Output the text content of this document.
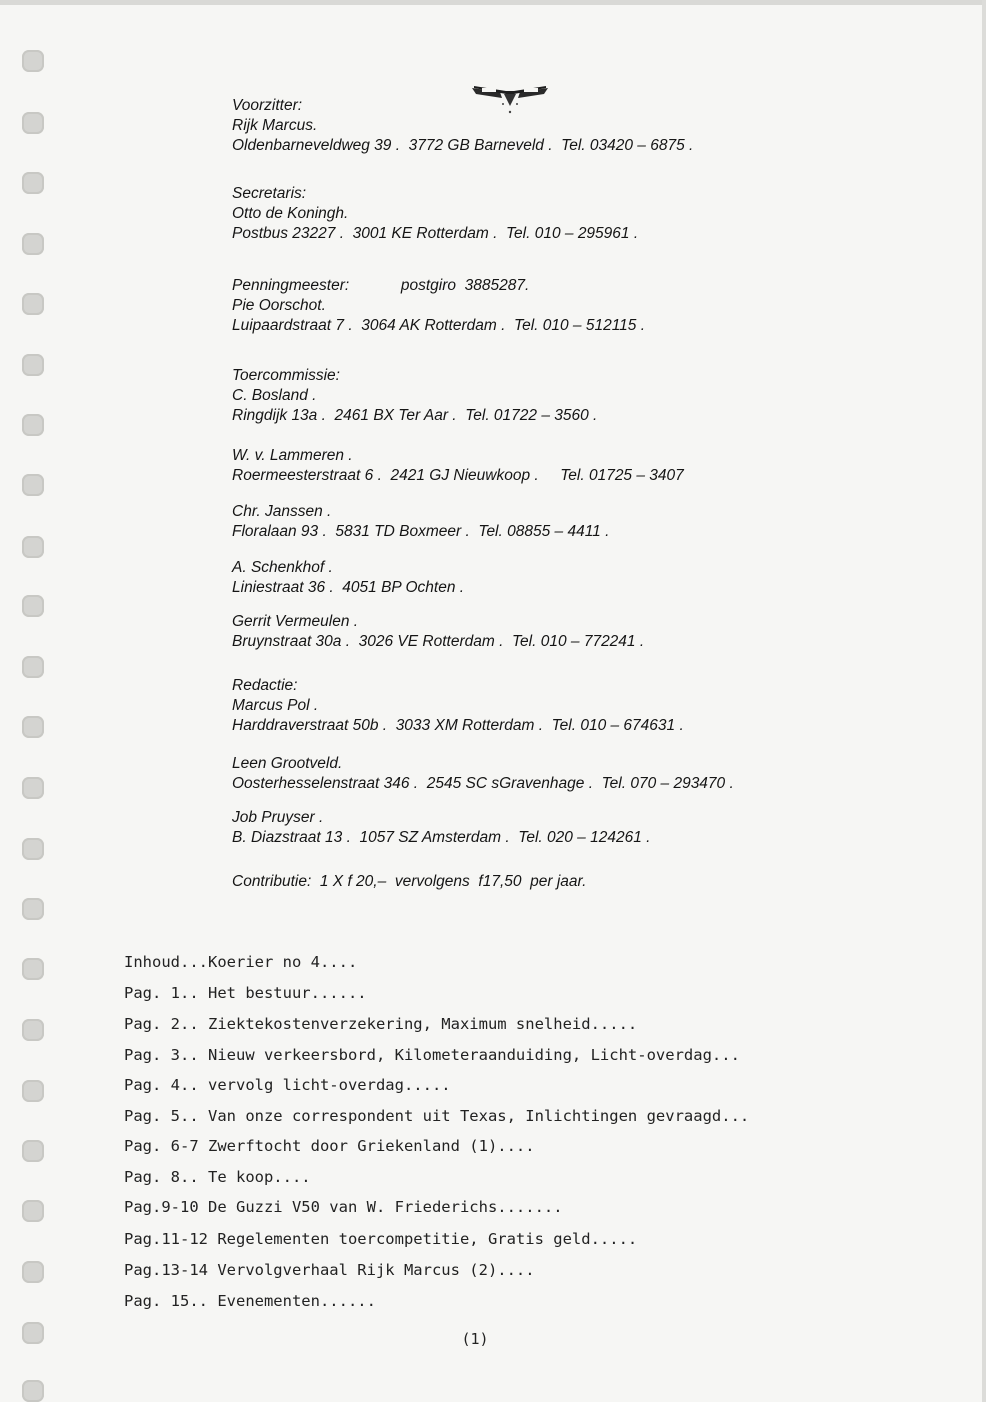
Voorzitter:
Rijk Marcus.
Oldenbarneveldweg 39 .  3772 GB Barneveld .  Tel. 03420 – 6875 .
Secretaris:
Otto de Koningh.
Postbus 23227 .  3001 KE Rotterdam .  Tel. 010 – 295961 .
Penningmeester:            postgiro  3885287.
Pie Oorschot.
Luipaardstraat 7 .  3064 AK Rotterdam .  Tel. 010 – 512115 .
Toercommissie:
C. Bosland .
Ringdijk 13a .  2461 BX Ter Aar .  Tel. 01722 – 3560 .
W. v. Lammeren .
Roermeesterstraat 6 .  2421 GJ Nieuwkoop .     Tel. 01725 – 3407
Chr. Janssen .
Floralaan 93 .  5831 TD Boxmeer .  Tel. 08855 – 4411 .
A. Schenkhof .
Liniestraat 36 .  4051 BP Ochten .
Gerrit Vermeulen .
Bruynstraat 30a .  3026 VE Rotterdam .  Tel. 010 – 772241 .
Redactie:
Marcus Pol .
Harddraverstraat 50b .  3033 XM Rotterdam .  Tel. 010 – 674631 .
Leen Grootveld.
Oosterhesselenstraat 346 .  2545 SC sGravenhage .  Tel. 070 – 293470 .
Job Pruyser .
B. Diazstraat 13 .  1057 SZ Amsterdam .  Tel. 020 – 124261 .
Contributie:  1 X f 20,–  vervolgens  f17,50  per jaar.
Inhoud...Koerier no 4....
Pag. 1.. Het bestuur......
Pag. 2.. Ziektekostenverzekering, Maximum snelheid.....
Pag. 3.. Nieuw verkeersbord, Kilometeraanduiding, Licht-overdag...
Pag. 4.. vervolg licht-overdag.....
Pag. 5.. Van onze correspondent uit Texas, Inlichtingen gevraagd...
Pag. 6-7 Zwerftocht door Griekenland (1)....
Pag. 8.. Te koop....
Pag.9-10 De Guzzi V50 van W. Friederichs.......
Pag.11-12 Regelementen toercompetitie, Gratis geld.....
Pag.13-14 Vervolgverhaal Rijk Marcus (2)....
Pag. 15.. Evenementen......
(1)
